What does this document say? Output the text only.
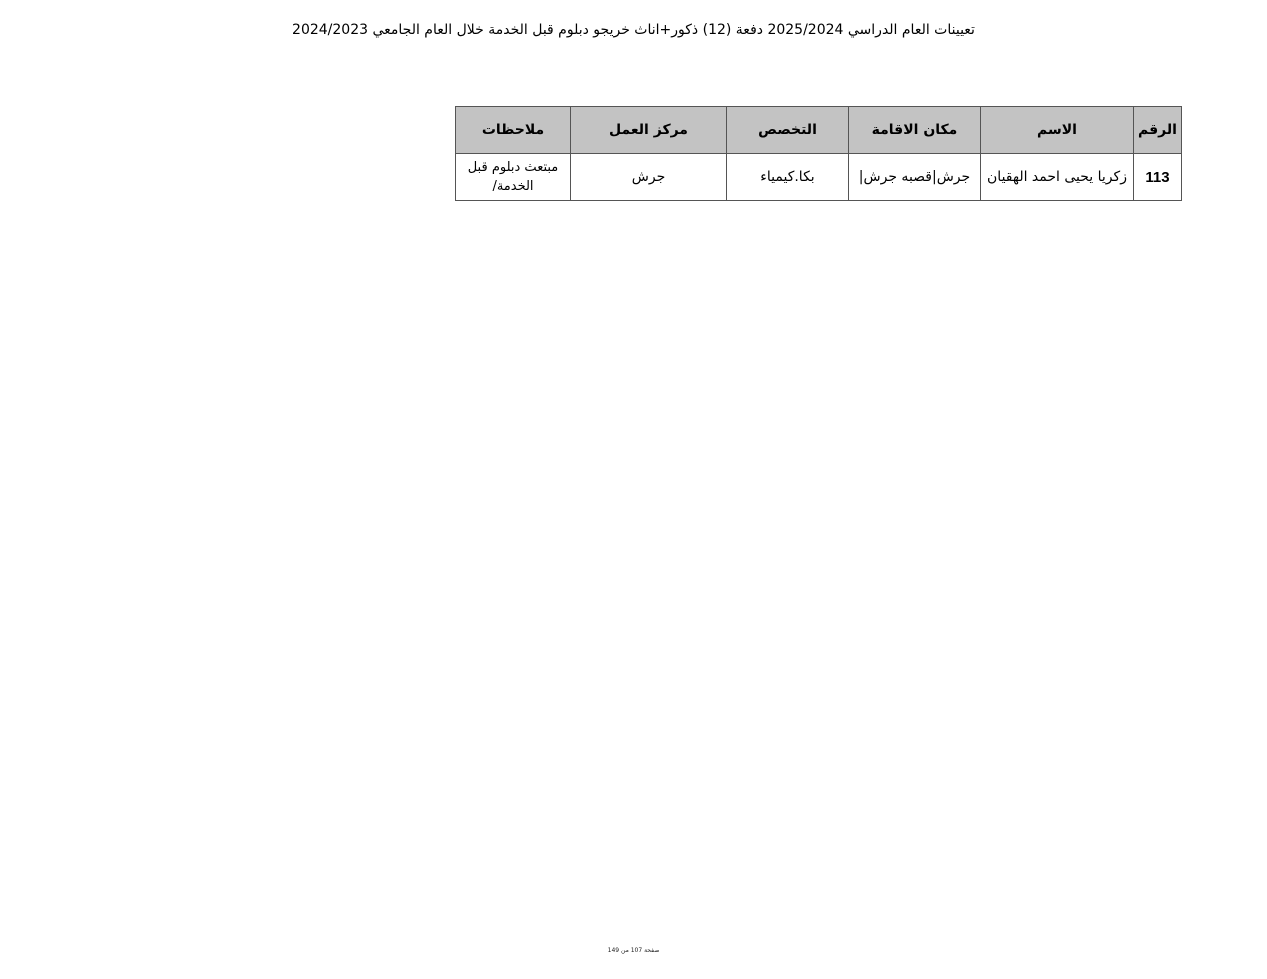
تعيينات العام الدراسي 2025/2024 دفعة (12) ذكور+اناث خريجو دبلوم قبل الخدمة خلال العام الجامعي 2024/2023
الرقم	الاسم	مكان الاقامة	التخصص	مركز العمل	ملاحظات
113	زكريا يحيى احمد الهقيان	جرش|قصبه جرش|	بكا.كيمياء	جرش	مبتعث دبلوم قبل الخدمة/
صفحة 107 من 149
